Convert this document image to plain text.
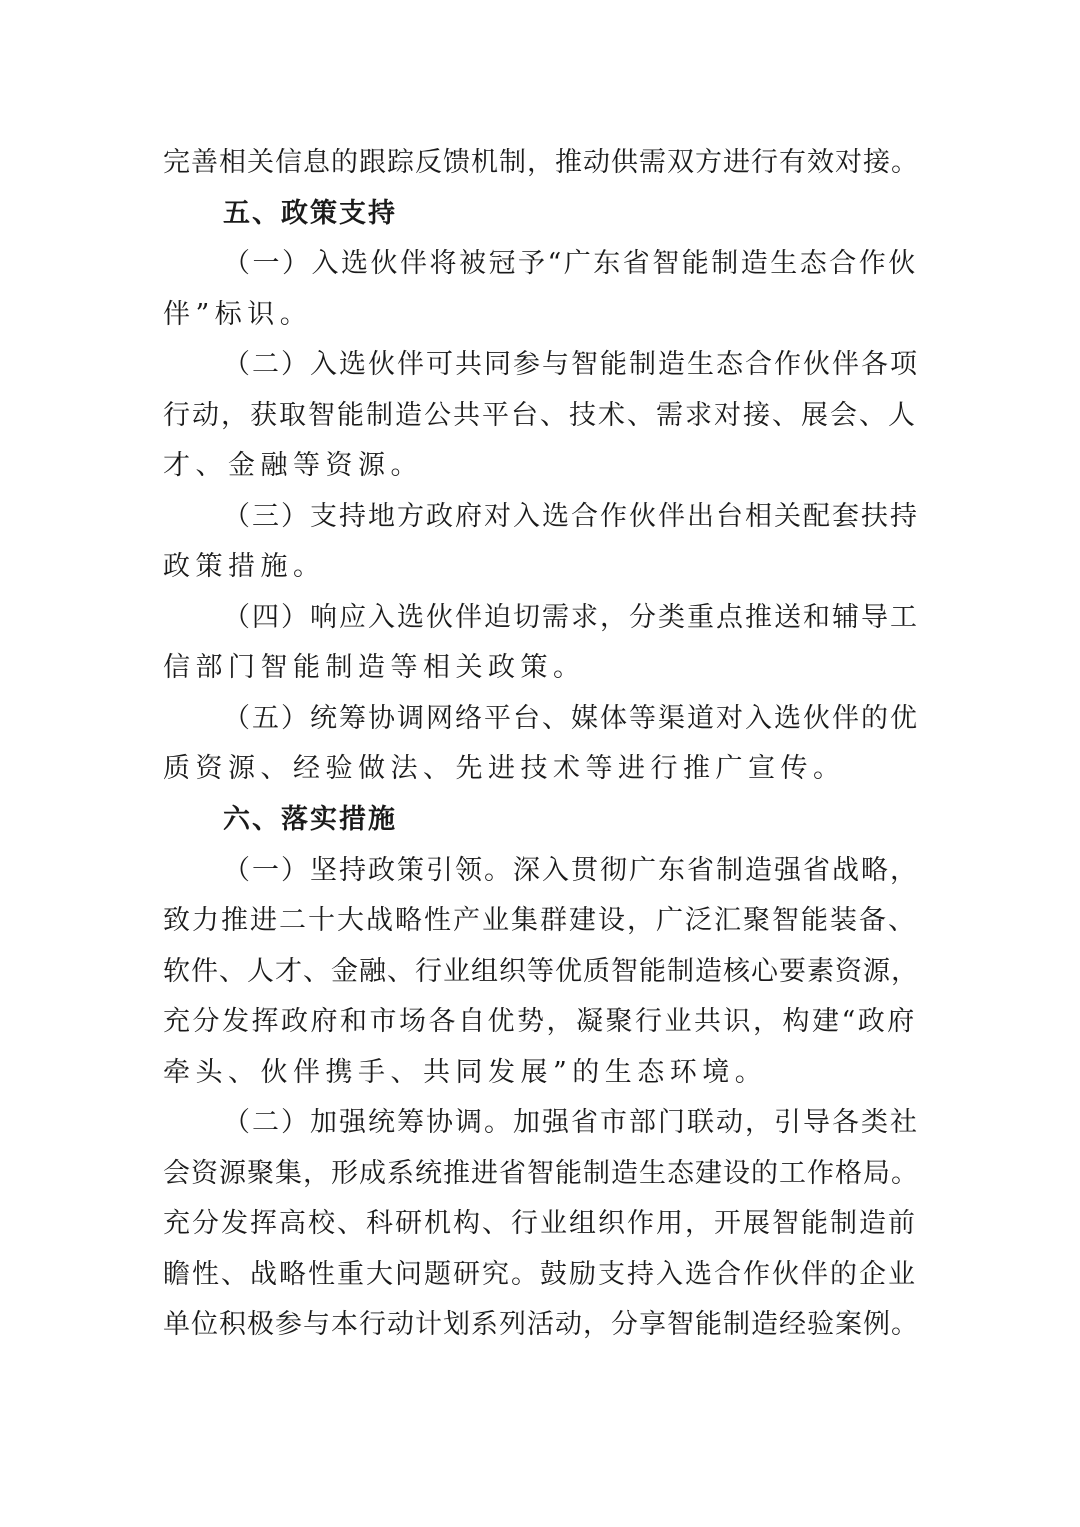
完善相关信息的跟踪反馈机制，推动供需双方进行有效对接。
五、政策支持
（一）入选伙伴将被冠予“广东省智能制造生态合作伙
伴”标识。
（二）入选伙伴可共同参与智能制造生态合作伙伴各项
行动，获取智能制造公共平台、技术、需求对接、展会、人
才、金融等资源。
（三）支持地方政府对入选合作伙伴出台相关配套扶持
政策措施。
（四）响应入选伙伴迫切需求，分类重点推送和辅导工
信部门智能制造等相关政策。
（五）统筹协调网络平台、媒体等渠道对入选伙伴的优
质资源、经验做法、先进技术等进行推广宣传。
六、落实措施
（一）坚持政策引领。深入贯彻广东省制造强省战略，
致力推进二十大战略性产业集群建设，广泛汇聚智能装备、
软件、人才、金融、行业组织等优质智能制造核心要素资源，
充分发挥政府和市场各自优势，凝聚行业共识，构建“政府
牵头、伙伴携手、共同发展”的生态环境。
（二）加强统筹协调。加强省市部门联动，引导各类社
会资源聚集，形成系统推进省智能制造生态建设的工作格局。
充分发挥高校、科研机构、行业组织作用，开展智能制造前
瞻性、战略性重大问题研究。鼓励支持入选合作伙伴的企业
单位积极参与本行动计划系列活动，分享智能制造经验案例。
